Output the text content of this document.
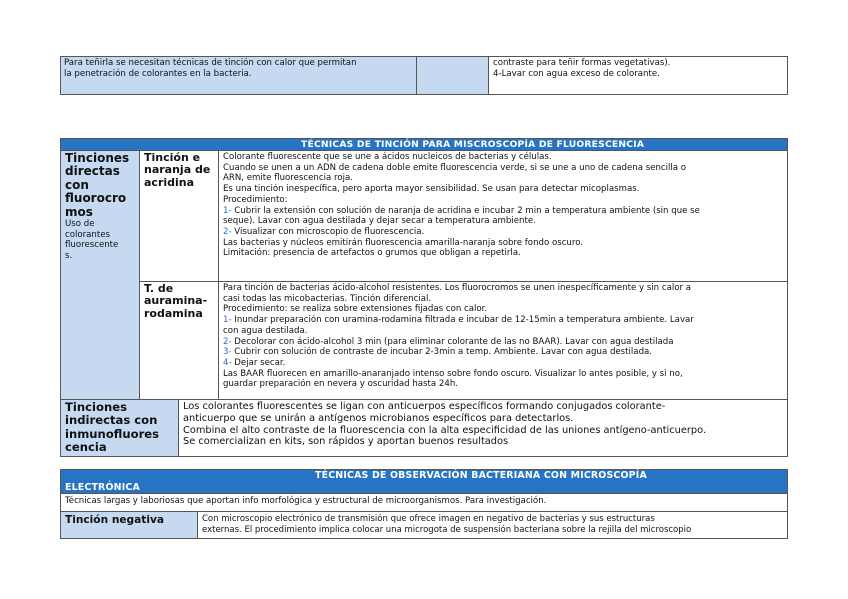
Para teñirla se necesitan técnicas de tinción con calor que permitan
la penetración de colorantes en la bacteria.
contraste para teñir formas vegetativas).
4-Lavar con agua exceso de colorante.
TÉCNICAS DE TINCIÓN PARA MISCROSCOPÍA DE FLUORESCENCIA
Tinciones
directas
con
fluorocro
mos
Uso de
colorantes
fluorescente
s.
Tinción e
naranja de
acridina
Colorante fluorescente que se une a ácidos nucleicos de bacterias y células.
Cuando se unen a un ADN de cadena doble emite fluorescencia verde, si se une a uno de cadena sencilla o
ARN, emite fluorescencia roja.
Es una tinción inespecífica, pero aporta mayor sensibilidad. Se usan para detectar micoplasmas.
Procedimiento:
1- Cubrir la extensión con solución de naranja de acridina e incubar 2 min a temperatura ambiente (sin que se
seque). Lavar con agua destilada y dejar secar a temperatura ambiente.
2- Visualizar con microscopio de fluorescencia.
Las bacterias y núcleos emitirán fluorescencia amarilla-naranja sobre fondo oscuro.
Limitación: presencia de artefactos o grumos que obligan a repetirla.
T. de
auramina-
rodamina
Para tinción de bacterias ácido-alcohol resistentes. Los fluorocromos se unen inespecíficamente y sin calor a
casi todas las micobacterias. Tinción diferencial.
Procedimiento: se realiza sobre extensiones fijadas con calor.
1- Inundar preparación con uramina-rodamina filtrada e incubar de 12-15min a temperatura ambiente. Lavar
con agua destilada.
2- Decolorar con ácido-alcohol 3 min (para eliminar colorante de las no BAAR). Lavar con agua destilada
3- Cubrir con solución de contraste de incubar 2-3min a temp. Ambiente. Lavar con agua destilada.
4- Dejar secar.
Las BAAR fluorecen en amarillo-anaranjado intenso sobre fondo oscuro. Visualizar lo antes posible, y si no,
guardar preparación en nevera y oscuridad hasta 24h.
Tinciones
indirectas con
inmunofluores
cencia
Los colorantes fluorescentes se ligan con anticuerpos específicos formando conjugados colorante-
anticuerpo que se unirán a antígenos microbianos específicos para detectarlos.
Combina el alto contraste de la fluorescencia con la alta especificidad de las uniones antígeno-anticuerpo.
Se comercializan en kits, son rápidos y aportan buenos resultados
TÉCNICAS DE OBSERVACIÓN BACTERIANA CON MICROSCOPÍA
ELECTRÓNICA
Técnicas largas y laboriosas que aportan info morfológica y estructural de microorganismos. Para investigación.
Tinción negativa	Con microscopio electrónico de transmisión que ofrece imagen en negativo de bacterias y sus estructuras
externas. El procedimiento implica colocar una microgota de suspensión bacteriana sobre la rejilla del microscopio
